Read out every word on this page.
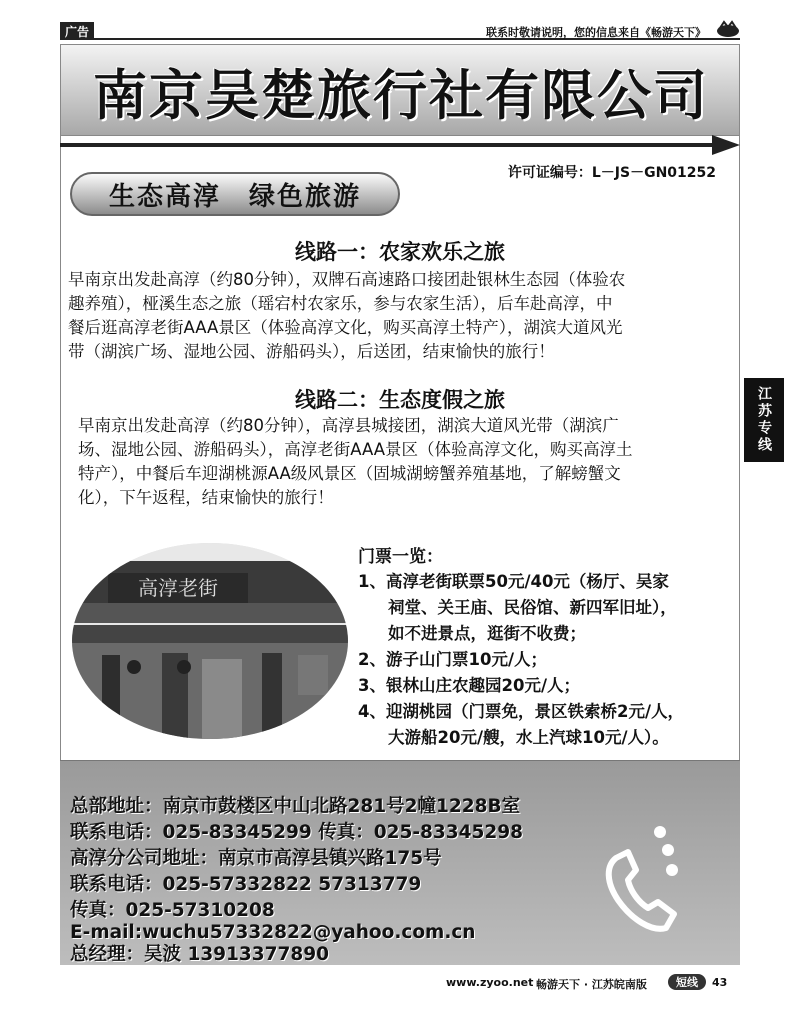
广告	联系时敬请说明，您的信息来自《畅游天下》
南京吴楚旅行社有限公司
许可证编号：L－JS－GN01252
生态高淳　绿色旅游
线路一：农家欢乐之旅
早南京出发赴高淳（约80分钟），双牌石高速路口接团赴银林生态园（体验农
趣养殖），桠溪生态之旅（瑶宕村农家乐，参与农家生活），后车赴高淳，中
餐后逛高淳老街AAA景区（体验高淳文化，购买高淳土特产），湖滨大道风光
带（湖滨广场、湿地公园、游船码头），后送团，结束愉快的旅行！
线路二：生态度假之旅
早南京出发赴高淳（约80分钟），高淳县城接团，湖滨大道风光带（湖滨广
场、湿地公园、游船码头），高淳老街AAA景区（体验高淳文化，购买高淳土
特产），中餐后车迎湖桃源AA级风景区（固城湖螃蟹养殖基地，了解螃蟹文
化），下午返程，结束愉快的旅行！
江苏专线
高淳老街
门票一览：
1、高淳老街联票50元/40元（杨厅、吴家
祠堂、关王庙、民俗馆、新四军旧址），
如不进景点，逛街不收费；
2、游子山门票10元/人；
3、银林山庄农趣园20元/人；
4、迎湖桃园（门票免，景区铁索桥2元/人，
大游船20元/艘，水上汽球10元/人）。
总部地址：南京市鼓楼区中山北路281号2幢1228B室
联系电话：025-83345299 传真：025-83345298
高淳分公司地址：南京市高淳县镇兴路175号
联系电话：025-57332822 57313779
传真：025-57310208
E-mail:wuchu57332822@yahoo.com.cn
总经理：吴波 13913377890
www.zyoo.net 畅游天下 · 江苏皖南版	短线	43
